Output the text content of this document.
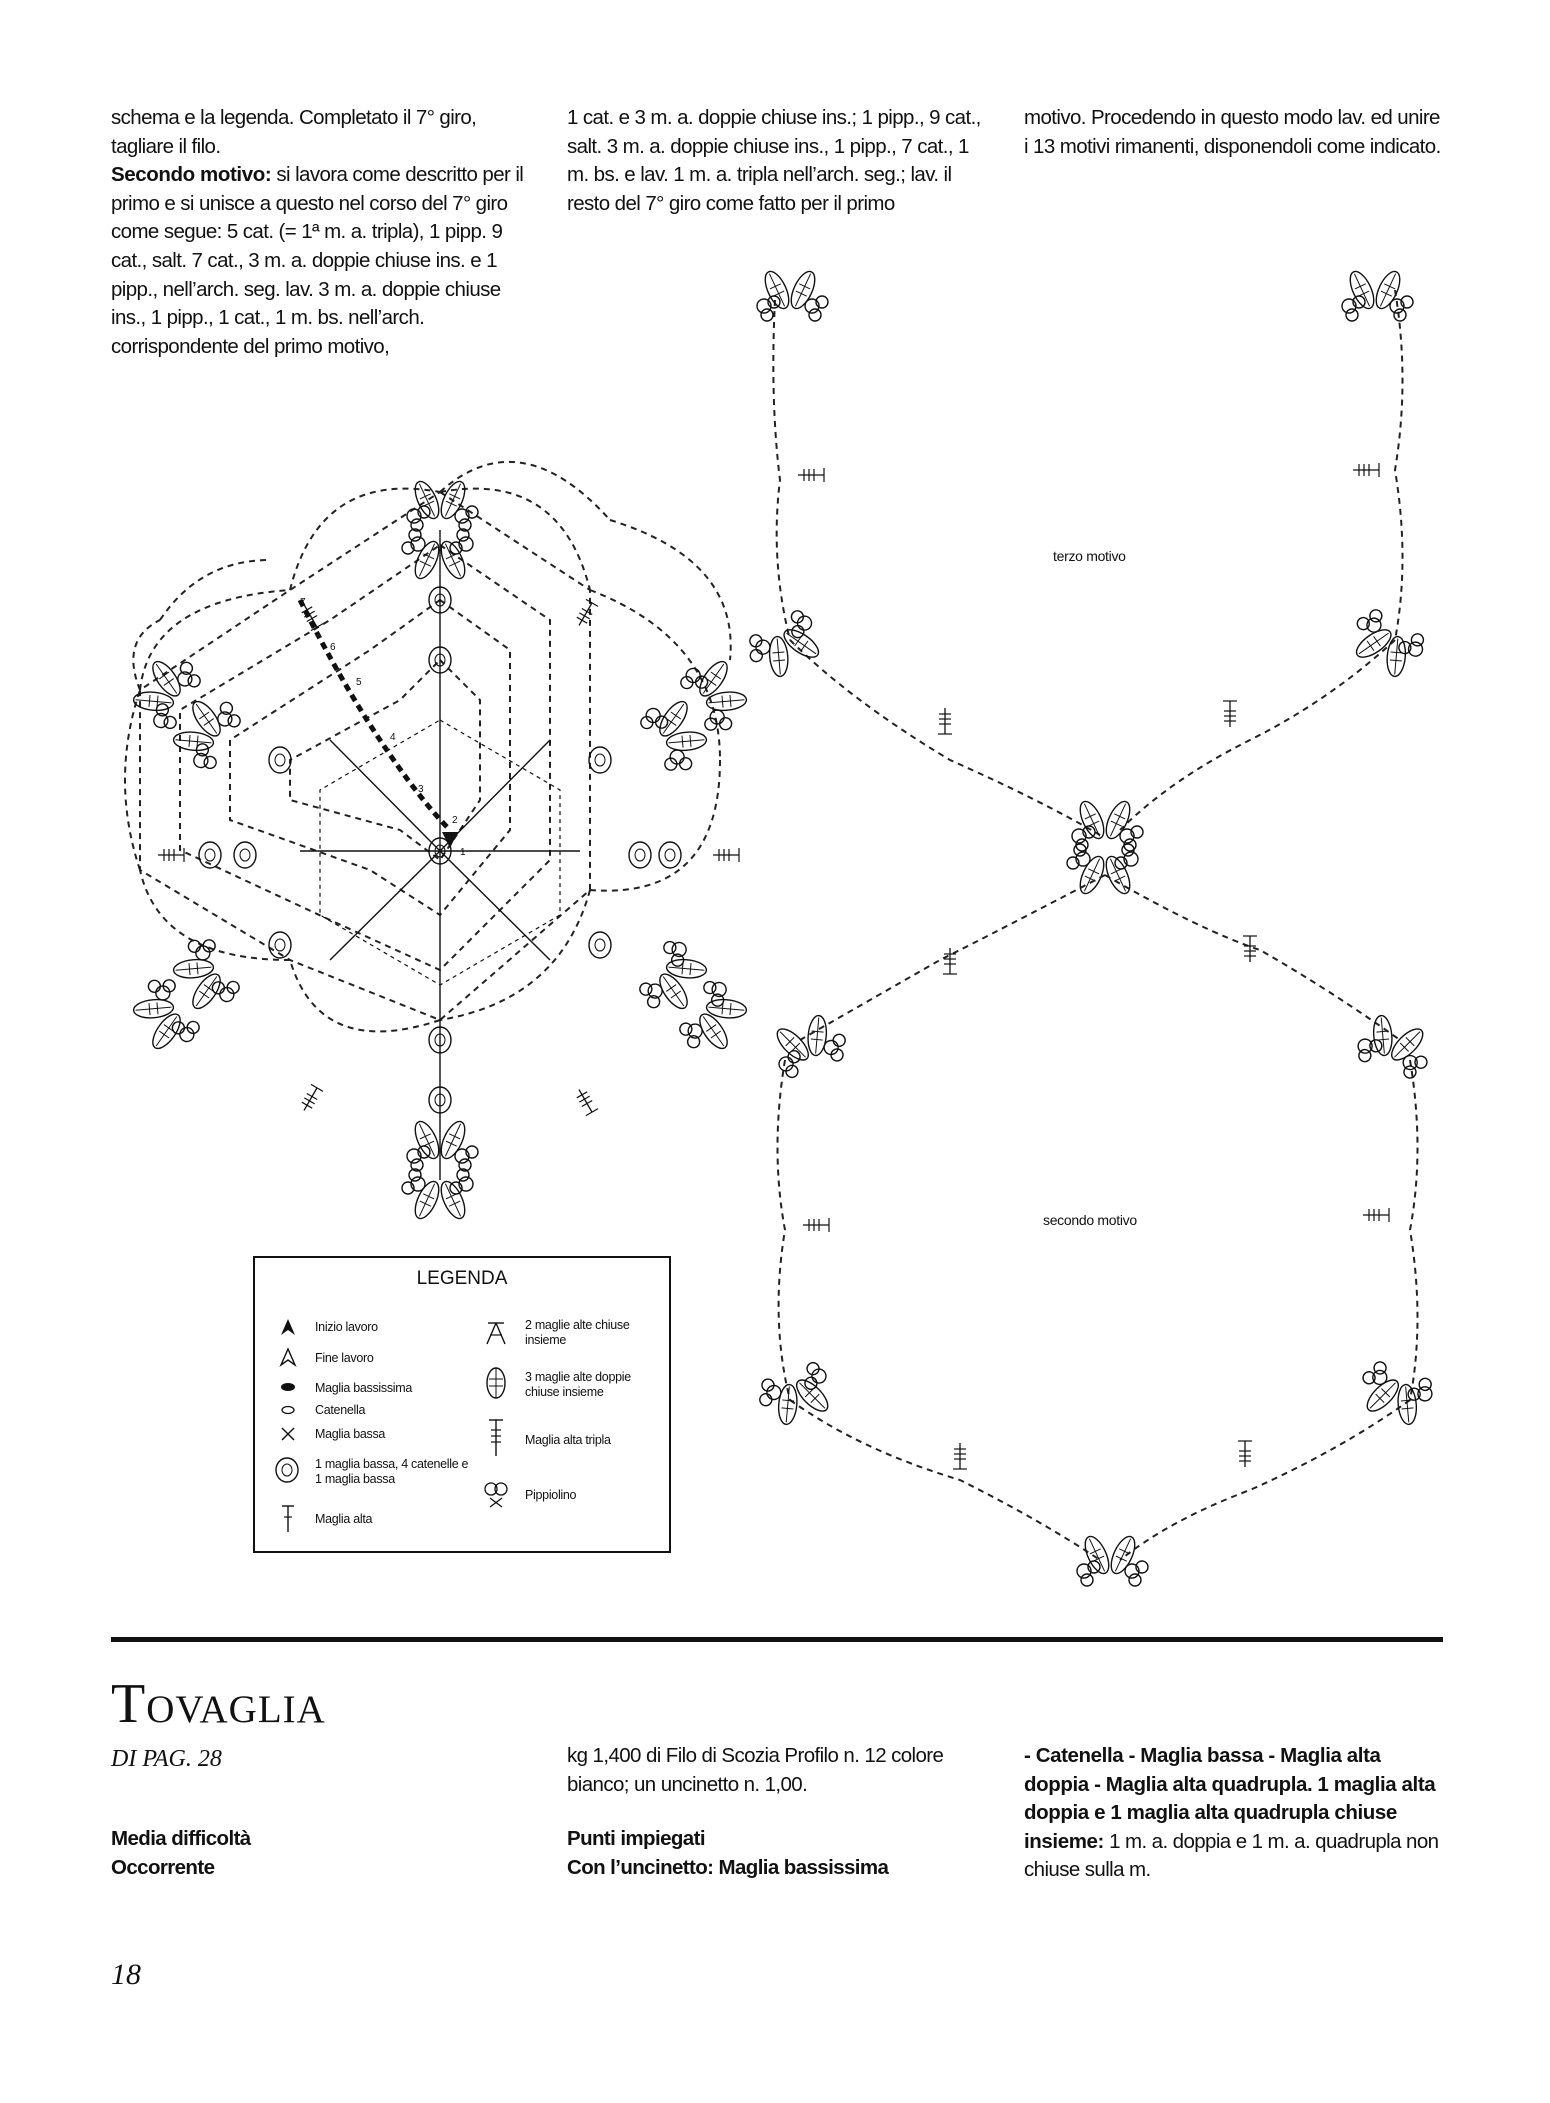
schema e la legenda. Completato il 7° giro, tagliare il filo.

Secondo motivo: si lavora come descritto per il primo e si unisce a questo nel corso del 7° giro come segue: 5 cat. (= 1ª m. a. tripla), 1 pipp. 9 cat., salt. 7 cat., 3 m. a. doppie chiuse ins. e 1 pipp., nell’arch. seg. lav. 3 m. a. doppie chiuse ins., 1 pipp., 1 cat., 1 m. bs. nell’arch. corrispondente del primo motivo,

1 cat. e 3 m. a. doppie chiuse ins.; 1 pipp., 9 cat., salt. 3 m. a. doppie chiuse ins., 1 pipp., 7 cat., 1 m. bs. e lav. 1 m. a. tripla nell’arch. seg.; lav. il resto del 7° giro come fatto per il primo

motivo. Procedendo in questo modo lav. ed unire i 13 motivi rimanenti, disponendoli come indicato.

1
2
3
4
5
6
7
terzo motivo
secondo motivo
LEGENDA
Inizio lavoro
Fine lavoro
Maglia bassissima
Catenella
Maglia bassa
1 maglia bassa, 4 catenelle e 1 maglia bassa
Maglia alta
2 maglie alte chiuse insieme
3 maglie alte doppie chiuse insieme
Maglia alta tripla
Pippiolino
Tovaglia
DI PAG. 28
Media difficoltà
Occorrente
kg 1,400 di Filo di Scozia Profilo n. 12 colore bianco; un uncinetto n. 1,00.
Punti impiegati
Con l’uncinetto: Maglia bassissima
- Catenella - Maglia bassa - Maglia alta doppia - Maglia alta quadrupla. 1 maglia alta doppia e 1 maglia alta quadrupla chiuse insieme: 1 m. a. doppia e 1 m. a. quadrupla non chiuse sulla m.
18
